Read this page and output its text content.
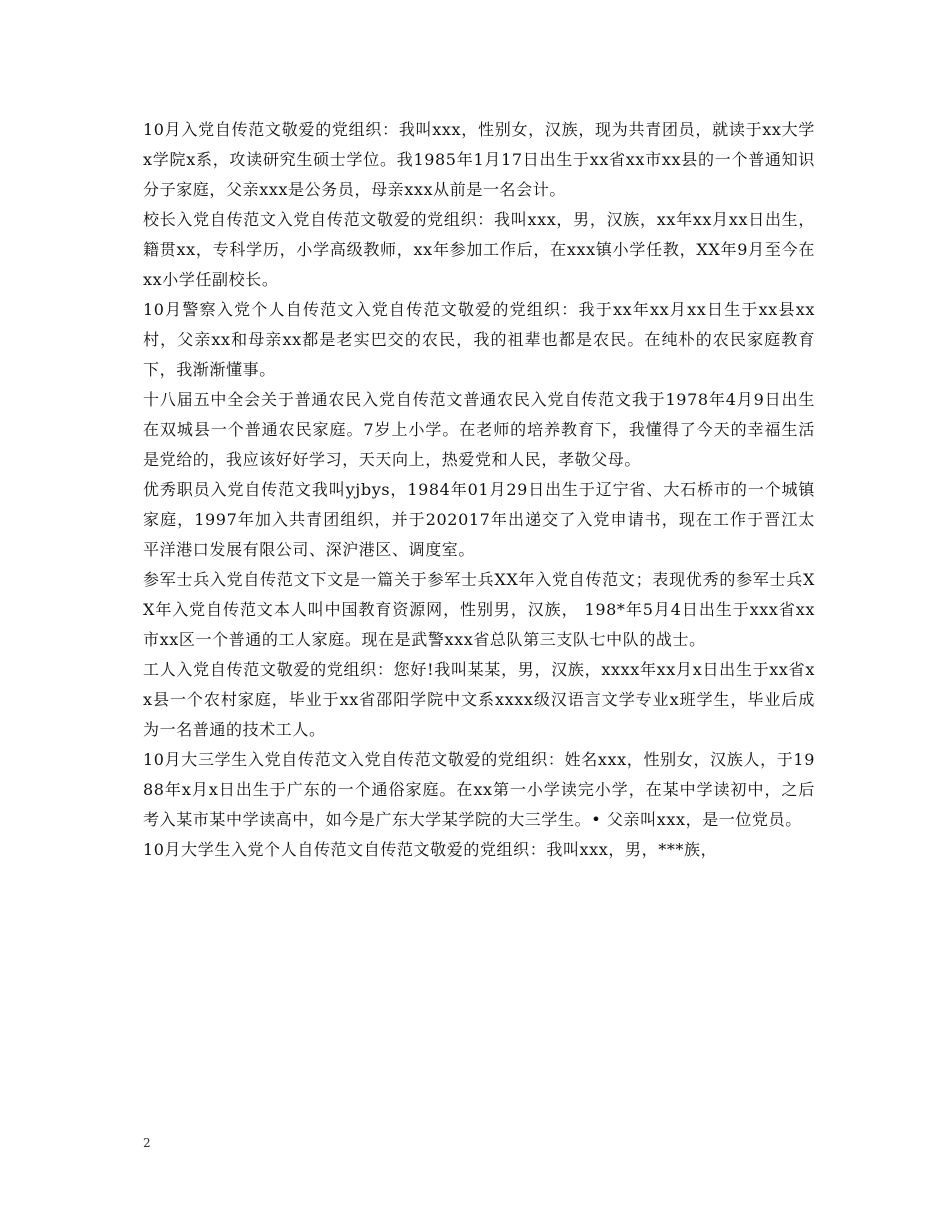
10月入党自传范文敬爱的党组织：我叫xxx，性别女，汉族，现为共青团员，就读于xx大学x学院x系，攻读研究生硕士学位。我1985年1月17日出生于xx省xx市xx县的一个普通知识分子家庭，父亲xxx是公务员，母亲xxx从前是一名会计。

校长入党自传范文入党自传范文敬爱的党组织：我叫xxx，男，汉族，xx年xx月xx日出生，籍贯xx，专科学历，小学高级教师，xx年参加工作后，在xxx镇小学任教，XX年9月至今在xx小学任副校长。

10月警察入党个人自传范文入党自传范文敬爱的党组织：我于xx年xx月xx日生于xx县xx村，父亲xx和母亲xx都是老实巴交的农民，我的祖辈也都是农民。在纯朴的农民家庭教育下，我渐渐懂事。

十八届五中全会关于普通农民入党自传范文普通农民入党自传范文我于1978年4月9日出生在双城县一个普通农民家庭。7岁上小学。在老师的培养教育下，我懂得了今天的幸福生活是党给的，我应该好好学习，天天向上，热爱党和人民，孝敬父母。

优秀职员入党自传范文我叫yjbys，1984年01月29日出生于辽宁省、大石桥市的一个城镇家庭，1997年加入共青团组织，并于202017年出递交了入党申请书，现在工作于晋江太平洋港口发展有限公司、深沪港区、调度室。

参军士兵入党自传范文下文是一篇关于参军士兵XX年入党自传范文；表现优秀的参军士兵XX年入党自传范文本人叫中国教育资源网，性别男，汉族， 198*年5月4日出生于xxx省xx市xx区一个普通的工人家庭。现在是武警xxx省总队第三支队七中队的战士。

工人入党自传范文敬爱的党组织：您好!我叫某某，男，汉族，xxxx年xx月x日出生于xx省xx县一个农村家庭，毕业于xx省邵阳学院中文系xxxx级汉语言文学专业x班学生，毕业后成为一名普通的技术工人。

10月大三学生入党自传范文入党自传范文敬爱的党组织：姓名xxx，性别女，汉族人，于1988年x月x日出生于广东的一个通俗家庭。在xx第一小学读完小学，在某中学读初中，之后考入某市某中学读高中，如今是广东大学某学院的大三学生。• 父亲叫xxx，是一位党员。

10月大学生入党个人自传范文自传范文敬爱的党组织：我叫xxx，男，***族，

2
